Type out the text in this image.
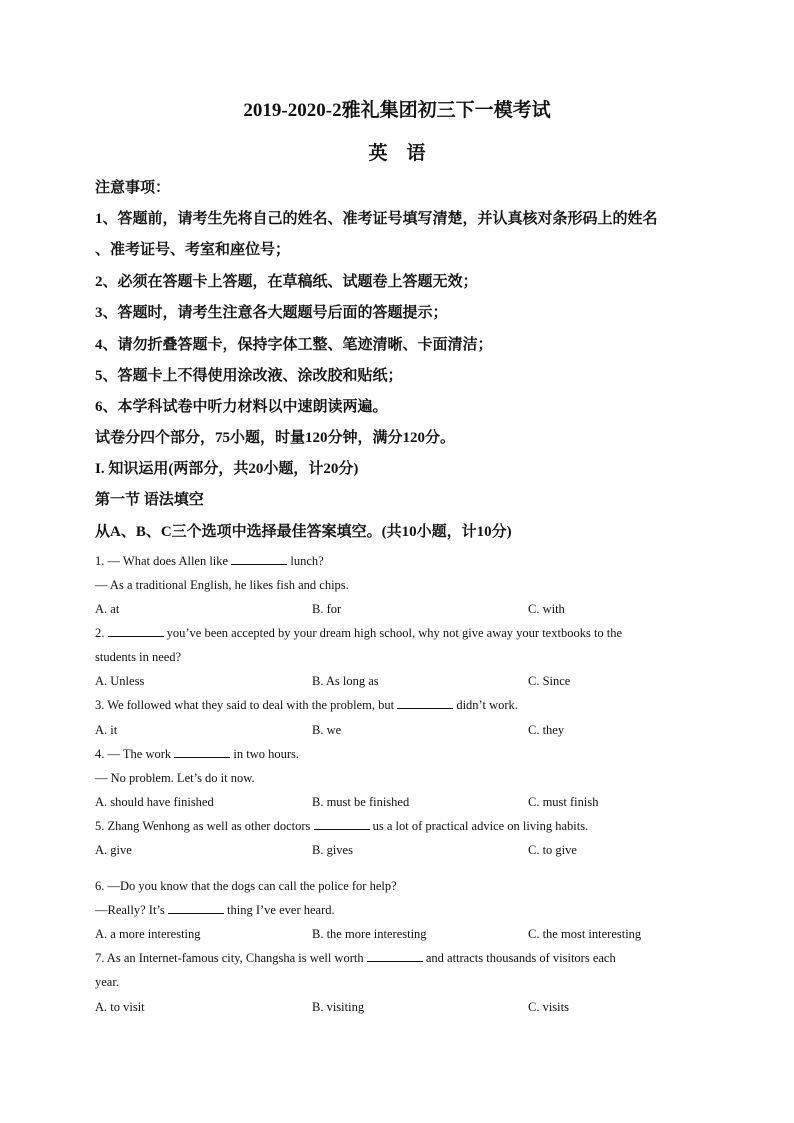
2019-2020-2雅礼集团初三下一模考试
英　语
注意事项：
1、答题前，请考生先将自己的姓名、准考证号填写清楚，并认真核对条形码上的姓名
、准考证号、考室和座位号；
2、必须在答题卡上答题，在草稿纸、试题卷上答题无效；
3、答题时，请考生注意各大题题号后面的答题提示；
4、请勿折叠答题卡，保持字体工整、笔迹清晰、卡面清洁；
5、答题卡上不得使用涂改液、涂改胶和贴纸；
6、本学科试卷中听力材料以中速朗读两遍。
试卷分四个部分，75小题，时量120分钟，满分120分。
I. 知识运用(两部分，共20小题，计20分)
第一节 语法填空
从A、B、C三个选项中选择最佳答案填空。(共10小题，计10分)
1. — What does Allen like	lunch?
— As a traditional English, he likes fish and chips.
A. at	B. for	C. with
2.	you’ve been accepted by your dream high school, why not give away your textbooks to the
students in need?
A. Unless	B. As long as	C. Since
3. We followed what they said to deal with the problem, but	didn’t work.
A. it	B. we	C. they
4. — The work	in two hours.
— No problem. Let’s do it now.
A. should have finished	B. must be finished	C. must finish
5. Zhang Wenhong as well as other doctors	us a lot of practical advice on living habits.
A. give	B. gives	C. to give
6. —Do you know that the dogs can call the police for help?
—Really? It’s	thing I’ve ever heard.
A. a more interesting	B. the more interesting	C. the most interesting
7. As an Internet-famous city, Changsha is well worth	and attracts thousands of visitors each
year.
A. to visit	B. visiting	C. visits
